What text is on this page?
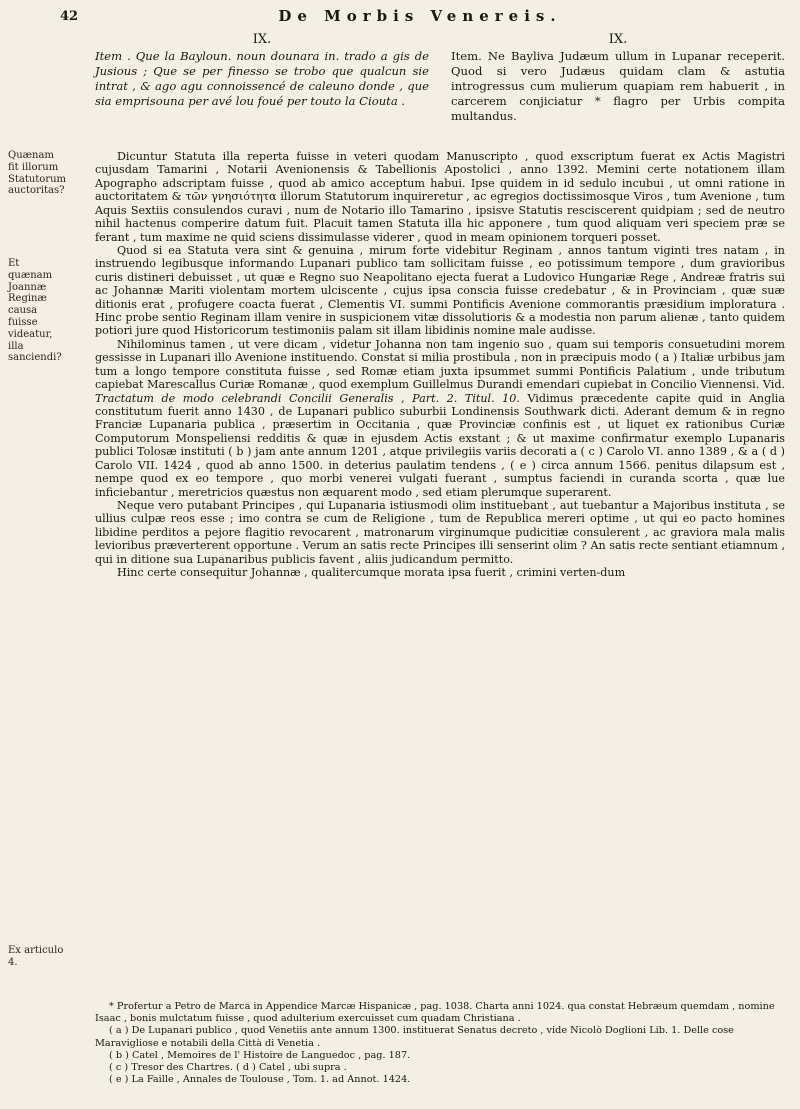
42	De Morbis Venereis.
IX.
Item . Que la Bayloun. noun dounara in. trado a gis de Jusious ; Que se per finesso se trobo que qualcun sie intrat , & ago agu connoissencé de caleuno donde , que sia emprisouna per avé lou foué per touto la Ciouta .
IX.
Item. Ne Bayliva Judæum ullum in Lupanar receperit. Quod si vero Judæus quidam clam & astutia introgressus cum mulierum quapiam rem habuerit , in carcerem conjiciatur * flagro per Urbis compita multandus.

Quænam fit illorum Statutorum auctoritas?

Et quænam Joannæ Reginæ causa fuisse videatur, illa sanciendi?

Ex articulo 4.

Dicuntur Statuta illa reperta fuisse in veteri quodam Manuscripto , quod exscriptum fuerat ex Actis Magistri cujusdam Tamarini , Notarii Avenionensis & Tabellionis Apostolici , anno 1392. Memini certe notationem illam Apographo adscriptam fuisse , quod ab amico acceptum habui. Ipse quidem in id sedulo incubui , ut omni ratione in auctoritatem & τῶν γνησιότητα illorum Statutorum inquireretur , ac egregios doctissimosque Viros , tum Avenione , tum Aquis Sextiis consulendos curavi , num de Notario illo Tamarino , ipsisve Statutis resciscerent quidpiam ; sed de neutro nihil hactenus comperire datum fuit. Placuit tamen Statuta illa hic apponere , tum quod aliquam veri speciem præ se ferant , tum maxime ne quid sciens dissimulasse viderer , quod in meam opinionem torqueri posset.

Quod si ea Statuta vera sint & genuina , mirum forte videbitur Reginam , annos tantum viginti tres natam , in instruendo legibusque informando Lupanari publico tam sollicitam fuisse , eo potissimum tempore , dum gravioribus curis distineri debuisset , ut quæ e Regno suo Neapolitano ejecta fuerat a Ludovico Hungariæ Rege , Andreæ fratris sui ac Johannæ Mariti violentam mortem ulciscente , cujus ipsa conscia fuisse credebatur , & in Provinciam , quæ suæ ditionis erat , profugere coacta fuerat , Clementis VI. summi Pontificis Avenione commorantis præsidium imploratura . Hinc probe sentio Reginam illam venire in suspicionem vitæ dissolutioris & a modestia non parum alienæ , tanto quidem potiori jure quod Historicorum testimoniis palam sit illam libidinis nomine male audisse.

Nihilominus tamen , ut vere dicam , videtur Johanna non tam ingenio suo , quam sui temporis consuetudini morem gessisse in Lupanari illo Avenione instituendo. Constat si milia prostibula , non in præcipuis modo ( a ) Italiæ urbibus jam tum a longo tempore constituta fuisse , sed Romæ etiam juxta ipsummet summi Pontificis Palatium , unde tributum capiebat Marescallus Curiæ Romanæ , quod exemplum Guillelmus Durandi emendari cupiebat in Concilio Viennensi. Vid. Tractatum de modo celebrandi Concilii Generalis , Part. 2. Titul. 10. Vidimus præcedente capite quid in Anglia constitutum fuerit anno 1430 , de Lupanari publico suburbii Londinensis Southwark dicti. Aderant demum & in regno Franciæ Lupanaria publica , præsertim in Occitania , quæ Provinciæ confinis est , ut liquet ex rationibus Curiæ Computorum Monspeliensi redditis & quæ in ejusdem Actis exstant ; & ut maxime confirmatur exemplo Lupanaris publici Tolosæ instituti ( b ) jam ante annum 1201 , atque privilegiis variis decorati a ( c ) Carolo VI. anno 1389 , & a ( d ) Carolo VII. 1424 , quod ab anno 1500. in deterius paulatim tendens , ( e ) circa annum 1566. penitus dilapsum est , nempe quod ex eo tempore , quo morbi venerei vulgati fuerant , sumptus faciendi in curanda scorta , quæ lue inficiebantur , meretricios quæstus non æquarent modo , sed etiam plerumque superarent.

Neque vero putabant Principes , qui Lupanaria istiusmodi olim instituebant , aut tuebantur a Majoribus instituta , se ullius culpæ reos esse ; imo contra se cum de Religione , tum de Republica mereri optime , ut qui eo pacto homines libidine perditos a pejore flagitio revocarent , matronarum virginumque pudicitiæ consulerent , ac graviora mala malis levioribus præverterent opportune . Verum an satis recte Principes illi senserint olim ? An satis recte sentiant etiamnum , qui in ditione sua Lupanaribus publicis favent , aliis judicandum permitto.

Hinc certe consequitur Johannæ , qualitercumque morata ipsa fuerit , crimini verten-dum

* Profertur a Petro de Marca in Appendice Marcæ Hispanicæ , pag. 1038. Charta anni 1024. qua constat Hebræum quemdam , nomine Isaac , bonis mulctatum fuisse , quod adulterium exercuisset cum quadam Christiana .

( a ) De Lupanari publico , quod Venetiis ante annum 1300. instituerat Senatus decreto , vide Nicolò Doglioni Lib. 1. Delle cose Maravigliose e notabili della Città di Venetia .

( b ) Catel , Memoires de l' Histoire de Languedoc , pag. 187.

( c ) Tresor des Chartres. ( d ) Catel , ubi supra .

( e ) La Faille , Annales de Toulouse , Tom. 1. ad Annot. 1424.
